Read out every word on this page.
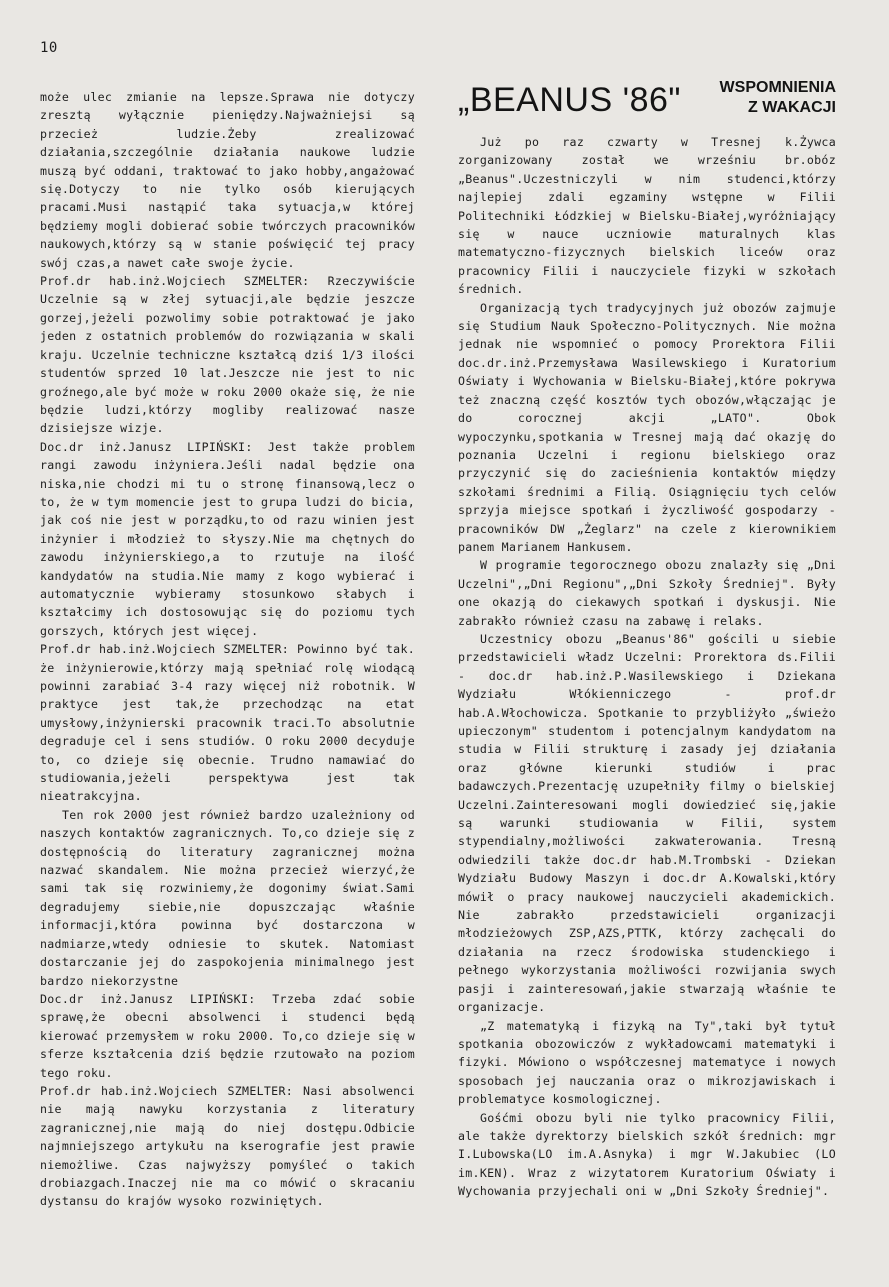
10

może ulec zmianie na lepsze.Sprawa nie dotyczy zresztą wyłącznie pieniędzy.Najważniejsi są przecież ludzie.Żeby zrealizować działania,szczególnie działania naukowe ludzie muszą być oddani, traktować to jako hobby,angażować się.Dotyczy to nie tylko osób kierujących pracami.Musi nastąpić taka sytuacja,w której będziemy mogli dobierać sobie twórczych pracowników naukowych,którzy są w stanie poświęcić tej pracy swój czas,a nawet całe swoje życie.

Prof.dr hab.inż.Wojciech SZMELTER: Rzeczywiście Uczelnie są w złej sytuacji,ale będzie jeszcze gorzej,jeżeli pozwolimy sobie potraktować je jako jeden z ostatnich problemów do rozwiązania w skali kraju. Uczelnie techniczne kształcą dziś 1/3 ilości studentów sprzed 10 lat.Jeszcze nie jest to nic groźnego,ale być może w roku 2000 okaże się, że nie będzie ludzi,którzy mogliby realizować nasze dzisiejsze wizje.

Doc.dr inż.Janusz LIPIŃSKI: Jest także problem rangi zawodu inżyniera.Jeśli nadal będzie ona niska,nie chodzi mi tu o stronę finansową,lecz o to, że w tym momencie jest to grupa ludzi do bicia, jak coś nie jest w porządku,to od razu winien jest inżynier i młodzież to słyszy.Nie ma chętnych do zawodu inżynierskiego,a to rzutuje na ilość kandydatów na studia.Nie mamy z kogo wybierać i automatycznie wybieramy stosunkowo słabych i kształcimy ich dostosowując się do poziomu tych gorszych, których jest więcej.

Prof.dr hab.inż.Wojciech SZMELTER: Powinno być tak. że inżynierowie,którzy mają spełniać rolę wiodącą powinni zarabiać 3-4 razy więcej niż robotnik. W praktyce jest tak,że przechodząc na etat umysłowy,inżynierski pracownik traci.To absolutnie degraduje cel i sens studiów. O roku 2000 decyduje to, co dzieje się obecnie. Trudno namawiać do studiowania,jeżeli perspektywa jest tak nieatrakcyjna.

Ten rok 2000 jest również bardzo uzależniony od naszych kontaktów zagranicznych. To,co dzieje się z dostępnością do literatury zagranicznej można nazwać skandalem. Nie można przecież wierzyć,że sami tak się rozwiniemy,że dogonimy świat.Sami degradujemy siebie,nie dopuszczając właśnie informacji,która powinna być dostarczona w nadmiarze,wtedy odniesie to skutek. Natomiast dostarczanie jej do zaspokojenia minimalnego jest bardzo niekorzystne

Doc.dr inż.Janusz LIPIŃSKI: Trzeba zdać sobie sprawę,że obecni absolwenci i studenci będą kierować przemysłem w roku 2000. To,co dzieje się w sferze kształcenia dziś będzie rzutowało na poziom tego roku.

Prof.dr hab.inż.Wojciech SZMELTER: Nasi absolwenci nie mają nawyku korzystania z literatury zagranicznej,nie mają do niej dostępu.Odbicie najmniejszego artykułu na kserografie jest prawie niemożliwe. Czas najwyższy pomyśleć o takich drobiazgach.Inaczej nie ma co mówić o skracaniu dystansu do krajów wysoko rozwiniętych.

„BEANUS '86"	WSPOMNIENIA
Z WAKACJI

Już po raz czwarty w Tresnej k.Żywca zorganizowany został we wrześniu br.obóz „Beanus".Uczestniczyli w nim studenci,którzy najlepiej zdali egzaminy wstępne w Filii Politechniki Łódzkiej w Bielsku-Białej,wyróżniający się w nauce uczniowie maturalnych klas matematyczno-fizycznych bielskich liceów oraz pracownicy Filii i nauczyciele fizyki w szkołach średnich.

Organizacją tych tradycyjnych już obozów zajmuje się Studium Nauk Społeczno-Politycznych. Nie można jednak nie wspomnieć o pomocy Prorektora Filii doc.dr.inż.Przemysława Wasilewskiego i Kuratorium Oświaty i Wychowania w Bielsku-Białej,które pokrywa też znaczną część kosztów tych obozów,włączając je do corocznej akcji „LATO". Obok wypoczynku,spotkania w Tresnej mają dać okazję do poznania Uczelni i regionu bielskiego oraz przyczynić się do zacieśnienia kontaktów między szkołami średnimi a Filią. Osiągnięciu tych celów sprzyja miejsce spotkań i życzliwość gospodarzy - pracowników DW „Żeglarz" na czele z kierownikiem panem Marianem Hankusem.

W programie tegorocznego obozu znalazły się „Dni Uczelni",„Dni Regionu",„Dni Szkoły Średniej". Były one okazją do ciekawych spotkań i dyskusji. Nie zabrakło również czasu na zabawę i relaks.

Uczestnicy obozu „Beanus'86" gościli u siebie przedstawicieli władz Uczelni: Prorektora ds.Filii - doc.dr hab.inż.P.Wasilewskiego i Dziekana Wydziału Włókienniczego - prof.dr hab.A.Włochowicza. Spotkanie to przybliżyło „świeżo upieczonym" studentom i potencjalnym kandydatom na studia w Filii strukturę i zasady jej działania oraz główne kierunki studiów i prac badawczych.Prezentację uzupełniły filmy o bielskiej Uczelni.Zainteresowani mogli dowiedzieć się,jakie są warunki studiowania w Filii, system stypendialny,możliwości zakwaterowania. Tresną odwiedzili także doc.dr hab.M.Trombski - Dziekan Wydziału Budowy Maszyn i doc.dr A.Kowalski,który mówił o pracy naukowej nauczycieli akademickich. Nie zabrakło przedstawicieli organizacji młodzieżowych ZSP,AZS,PTTK, którzy zachęcali do działania na rzecz środowiska studenckiego i pełnego wykorzystania możliwości rozwijania swych pasji i zainteresowań,jakie stwarzają właśnie te organizacje.

„Z matematyką i fizyką na Ty",taki był tytuł spotkania obozowiczów z wykładowcami matematyki i fizyki. Mówiono o współczesnej matematyce i nowych sposobach jej nauczania oraz o mikrozjawiskach i problematyce kosmologicznej.

Gośćmi obozu byli nie tylko pracownicy Filii, ale także dyrektorzy bielskich szkół średnich: mgr I.Lubowska(LO im.A.Asnyka) i mgr W.Jakubiec (LO im.KEN). Wraz z wizytatorem Kuratorium Oświaty i Wychowania przyjechali oni w „Dni Szkoły Średniej".
